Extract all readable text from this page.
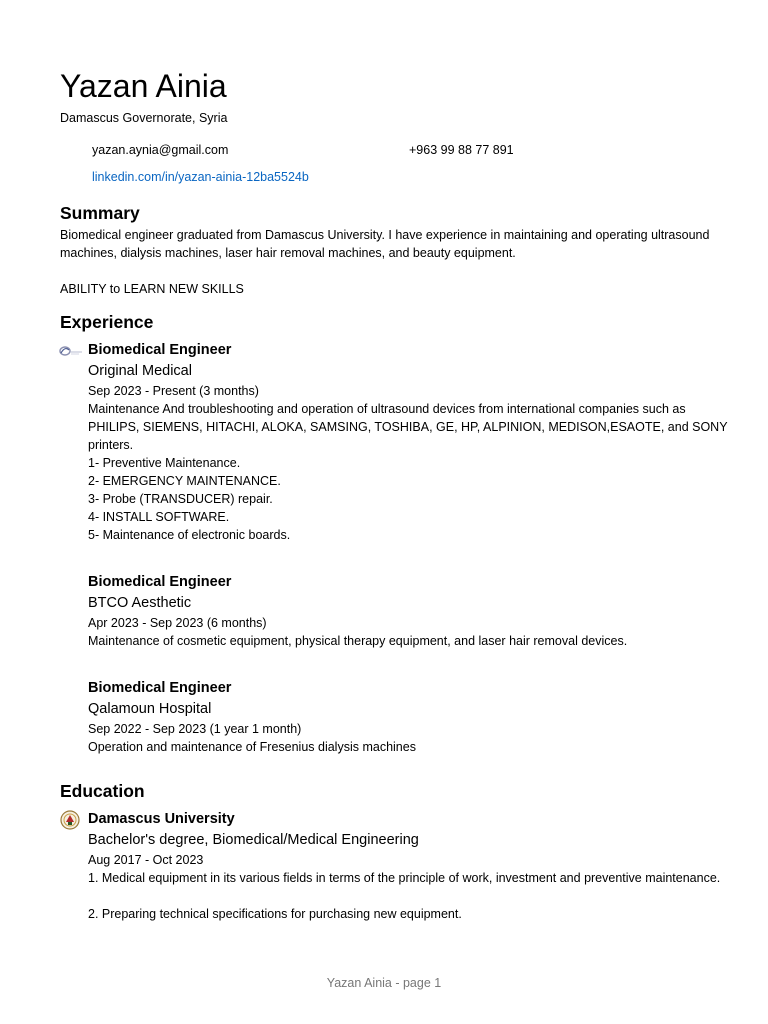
Yazan Ainia
Damascus Governorate, Syria
yazan.aynia@gmail.com	+963 99 88 77 891
linkedin.com/in/yazan-ainia-12ba5524b
Summary

Biomedical engineer graduated from Damascus University. I have experience in maintaining and operating ultrasound machines, dialysis machines, laser hair removal machines, and beauty equipment.

ABILITY to LEARN NEW SKILLS

Experience
Biomedical Engineer
Original Medical
Sep 2023 - Present (3 months)

Maintenance And troubleshooting and operation of ultrasound devices from international companies such as PHILIPS, SIEMENS, HITACHI, ALOKA, SAMSING, TOSHIBA, GE, HP, ALPINION, MEDISON,ESAOTE, and SONY printers.

1- Preventive Maintenance.

2- EMERGENCY MAINTENANCE.

3- Probe (TRANSDUCER) repair.

4- INSTALL SOFTWARE.

5- Maintenance of electronic boards.

Biomedical Engineer
BTCO Aesthetic
Apr 2023 - Sep 2023 (6 months)

Maintenance of cosmetic equipment, physical therapy equipment, and laser hair removal devices.

Biomedical Engineer
Qalamoun Hospital
Sep 2022 - Sep 2023 (1 year 1 month)

Operation and maintenance of Fresenius dialysis machines

Education
Damascus University
Bachelor's degree, Biomedical/Medical Engineering
Aug 2017 - Oct 2023

1. Medical equipment in its various fields in terms of the principle of work, investment and preventive maintenance.

2. Preparing technical specifications for purchasing new equipment.

Yazan Ainia - page 1
